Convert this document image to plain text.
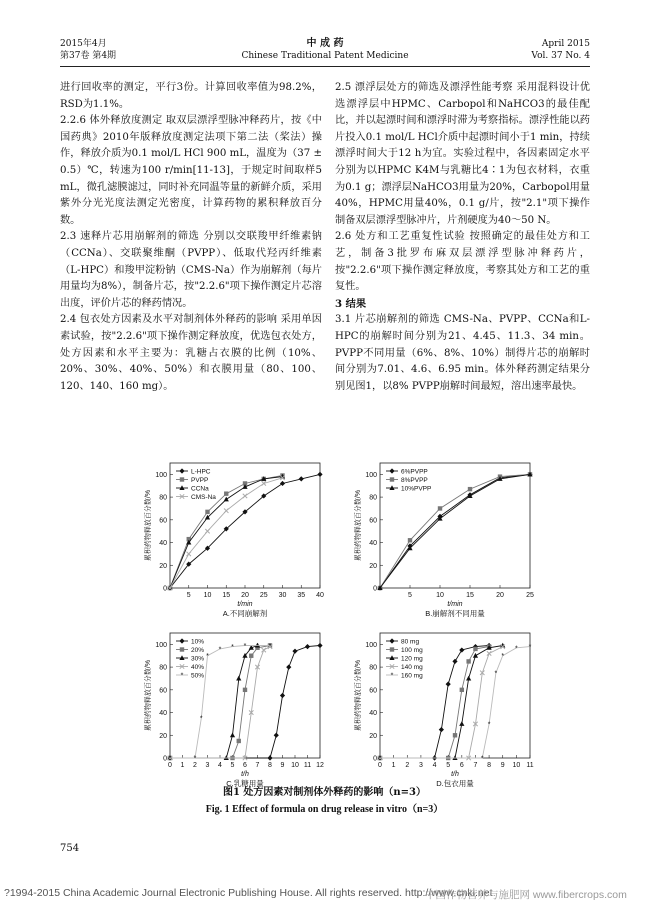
2015年4月
第37卷 第4期
中 成 药
Chinese Traditional Patent Medicine
April 2015
Vol. 37 No. 4

进行回收率的测定，平行3份。计算回收率值为98.2%，RSD为1.1%。

2.2.6 体外释放度测定 取双层漂浮型脉冲释药片，按《中国药典》2010年版释放度测定法项下第二法（桨法）操作，释放介质为0.1 mol/L HCl 900 mL，温度为（37 ± 0.5）℃，转速为100 r/min[11-13]，于规定时间取样5 mL，微孔滤膜滤过，同时补充同温等量的新鲜介质，采用紫外分光光度法测定光密度，计算药物的累积释放百分数。

2.3 速释片芯用崩解剂的筛选 分别以交联羧甲纤维素钠（CCNa）、交联聚维酮（PVPP）、低取代羟丙纤维素（L-HPC）和羧甲淀粉钠（CMS-Na）作为崩解剂（每片用量均为8%），制备片芯，按"2.2.6"项下操作测定片芯溶出度，评价片芯的释药情况。

2.4 包衣处方因素及水平对制剂体外释药的影响 采用单因素试验，按"2.2.6"项下操作测定释放度，优选包衣处方，处方因素和水平主要为：乳糖占衣膜的比例（10%、20%、30%、40%、50%）和衣膜用量（80、100、120、140、160 mg）。

2.5 漂浮层处方的筛选及漂浮性能考察 采用混料设计优选漂浮层中HPMC、Carbopol和NaHCO3的最佳配比，并以起漂时间和漂浮时滞为考察指标。漂浮性能以药片投入0.1 mol/L HCl介质中起漂时间小于1 min，持续漂浮时间大于12 h为宜。实验过程中，各因素固定水平分别为以HPMC K4M与乳糖比4∶1为包衣材料，衣重为0.1 g；漂浮层NaHCO3用量为20%，Carbopol用量40%，HPMC用量40%，0.1 g/片，按"2.1"项下操作制备双层漂浮型脉冲片，片剂硬度为40～50 N。

2.6 处方和工艺重复性试验 按照确定的最佳处方和工艺，制备3批罗布麻双层漂浮型脉冲释药片，按"2.2.6"项下操作测定释放度，考察其处方和工艺的重复性。

3 结果

3.1 片芯崩解剂的筛选 CMS-Na、PVPP、CCNa和L-HPC的崩解时间分别为21、4.45、11.3、34 min。PVPP不同用量（6%、8%、10%）制得片芯的崩解时间分别为7.01、4.6、6.95 min。体外释药测定结果分别见图1，以8% PVPP崩解时间最短，溶出速率最快。

0
20
40
60
80
100
5 10 15 20 25 30 35 40
t/min
累积药物释放百分数/%
A.不同崩解剂
L-HPC
PVPP
CCNa
CMS-Na
0
20
40
60
80
100
5	10	15	20	25
t/min
累积药物释放百分数/%
B.崩解剂不同用量
6%PVPP
8%PVPP
10%PVPP
0
20
40
60
80
100
0 1 2 3 4 5 6 7 8 9 10 11 12
t/h
累积药物释放百分数/%
C.乳糖用量
10%
20%
30%
40%
*	*
*
*
* * * * *
* 50%
0
20
40
60
80
100
0 1 2 3 4 5 6 7 8 9 10 11
t/h
累积药物释放百分数/%
D.包衣用量
80 mg
100 mg
120 mg
140 mg
*	*
*
*
*
* *
* 160 mg
图1 处方因素对制剂体外释药的影响（n=3）
Fig. 1 Effect of formula on drug release in vitro（n=3）
754
?1994-2015 China Academic Journal Electronic Publishing House. All rights reserved. http://www.cnki.net
中国作物营养与施肥网 www.fibercrops.com
